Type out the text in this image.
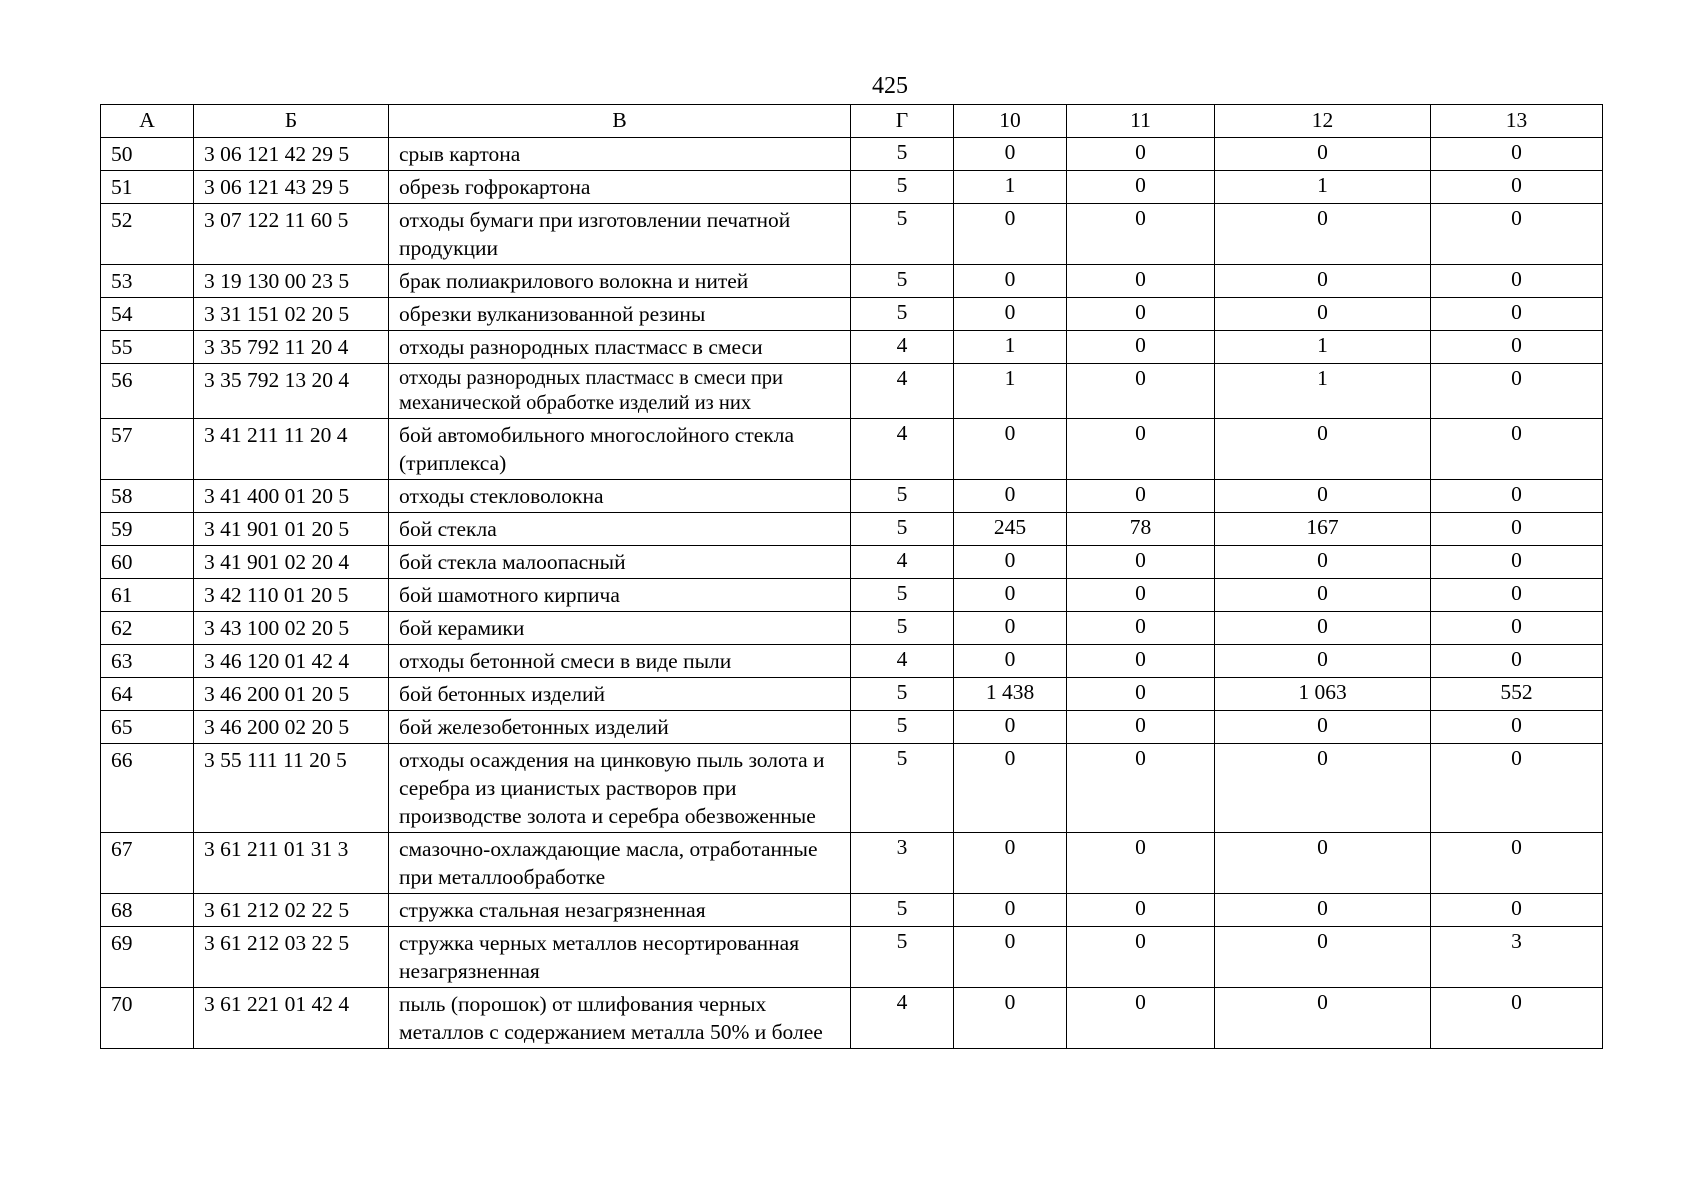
425
А	Б	В	Г	10	11	12	13
50	3 06 121 42 29 5	срыв картона	5	0	0	0	0
51	3 06 121 43 29 5	обрезь гофрокартона	5	1	0	1	0
52	3 07 122 11 60 5	отходы бумаги при изготовлении печатной продукции	5	0	0	0	0
53	3 19 130 00 23 5	брак полиакрилового волокна и нитей	5	0	0	0	0
54	3 31 151 02 20 5	обрезки вулканизованной резины	5	0	0	0	0
55	3 35 792 11 20 4	отходы разнородных пластмасс в смеси	4	1	0	1	0
56	3 35 792 13 20 4	отходы разнородных пластмасс в смеси при механической обработке изделий из них	4	1	0	1	0
57	3 41 211 11 20 4	бой автомобильного многослойного стекла (триплекса)	4	0	0	0	0
58	3 41 400 01 20 5	отходы стекловолокна	5	0	0	0	0
59	3 41 901 01 20 5	бой стекла	5	245	78	167	0
60	3 41 901 02 20 4	бой стекла малоопасный	4	0	0	0	0
61	3 42 110 01 20 5	бой шамотного кирпича	5	0	0	0	0
62	3 43 100 02 20 5	бой керамики	5	0	0	0	0
63	3 46 120 01 42 4	отходы бетонной смеси в виде пыли	4	0	0	0	0
64	3 46 200 01 20 5	бой бетонных изделий	5	1 438	0	1 063	552
65	3 46 200 02 20 5	бой железобетонных изделий	5	0	0	0	0
66	3 55 111 11 20 5	отходы осаждения на цинковую пыль золота и серебра из цианистых растворов при производстве золота и серебра обезвоженные	5	0	0	0	0
67	3 61 211 01 31 3	смазочно-охлаждающие масла, отработанные при металлообработке	3	0	0	0	0
68	3 61 212 02 22 5	стружка стальная незагрязненная	5	0	0	0	0
69	3 61 212 03 22 5	стружка черных металлов несортированная незагрязненная	5	0	0	0	3
70	3 61 221 01 42 4	пыль (порошок) от шлифования черных металлов с содержанием металла 50% и более	4	0	0	0	0
